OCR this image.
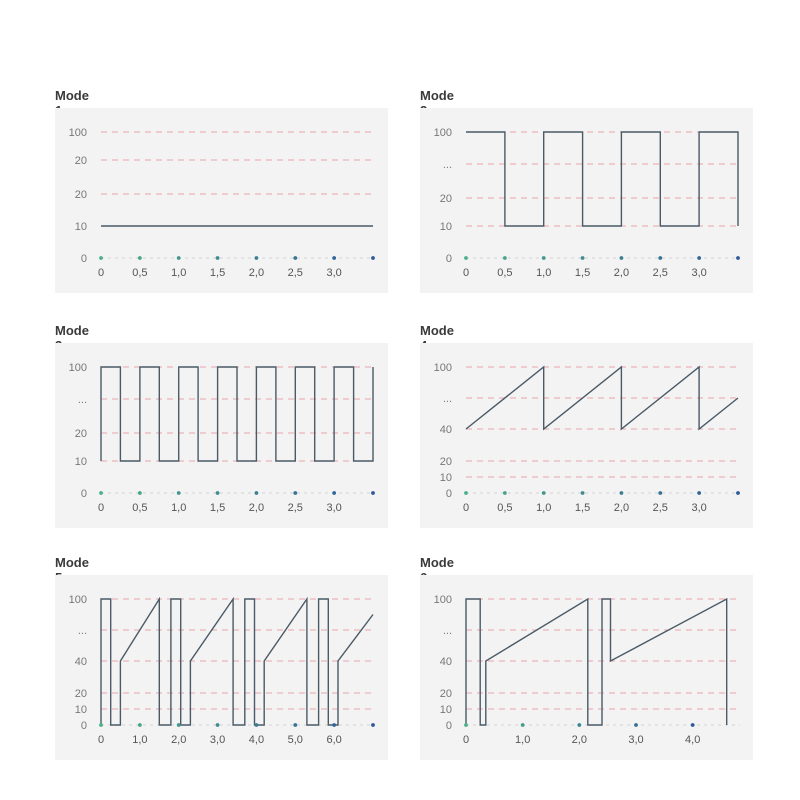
Mode
0
10
20
20
100
0	0,5 1,0 1,5 2,0 2,5 3,0
Mode
0
10
20
...
100
0	0,5 1,0 1,5 2,0 2,5 3,0
Mode
0
10
20
...
100
0	0,5 1,0 1,5 2,0 2,5 3,0
Mode
0
10
20
40
...
100
0	0,5 1,0 1,5 2,0 2,5 3,0
Mode
0
10
20
40
...
100
0	1,0 2,0 3,0 4,0 5,0 6,0
Mode
0
10
20
40
...
100
0	1,0	2,0	3,0	4,0
